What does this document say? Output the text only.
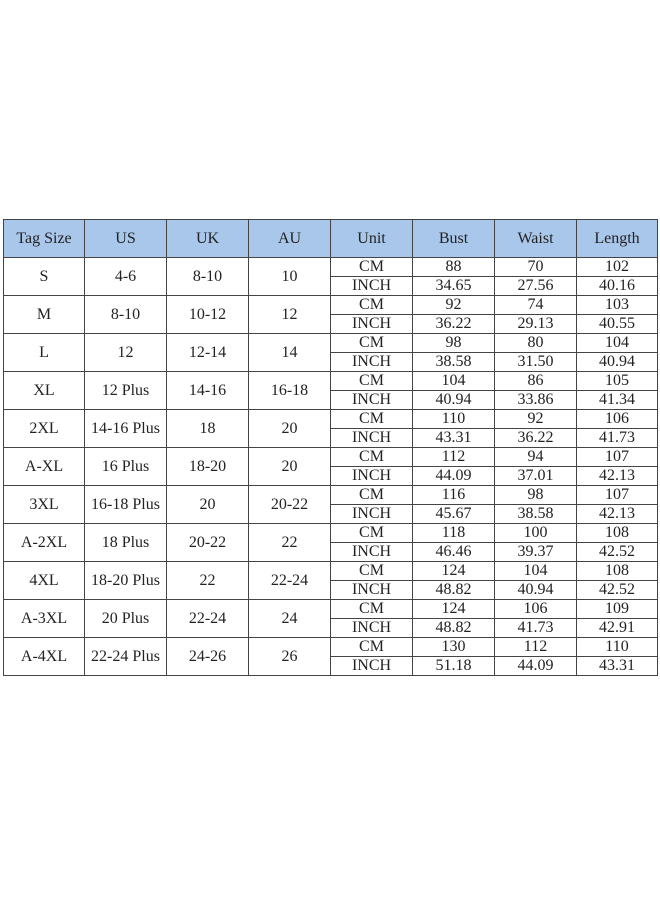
Tag Size	US	UK	AU	Unit	Bust	Waist	Length
S	4-6	8-10	10	CM	88	70	102
				INCH	34.65	27.56	40.16
M	8-10	10-12	12	CM	92	74	103
				INCH	36.22	29.13	40.55
L	12	12-14	14	CM	98	80	104
				INCH	38.58	31.50	40.94
XL	12 Plus	14-16	16-18	CM	104	86	105
				INCH	40.94	33.86	41.34
2XL	14-16 Plus	18	20	CM	110	92	106
				INCH	43.31	36.22	41.73
A-XL	16 Plus	18-20	20	CM	112	94	107
				INCH	44.09	37.01	42.13
3XL	16-18 Plus	20	20-22	CM	116	98	107
				INCH	45.67	38.58	42.13
A-2XL	18 Plus	20-22	22	CM	118	100	108
				INCH	46.46	39.37	42.52
4XL	18-20 Plus	22	22-24	CM	124	104	108
				INCH	48.82	40.94	42.52
A-3XL	20 Plus	22-24	24	CM	124	106	109
				INCH	48.82	41.73	42.91
A-4XL	22-24 Plus	24-26	26	CM	130	112	110
				INCH	51.18	44.09	43.31
